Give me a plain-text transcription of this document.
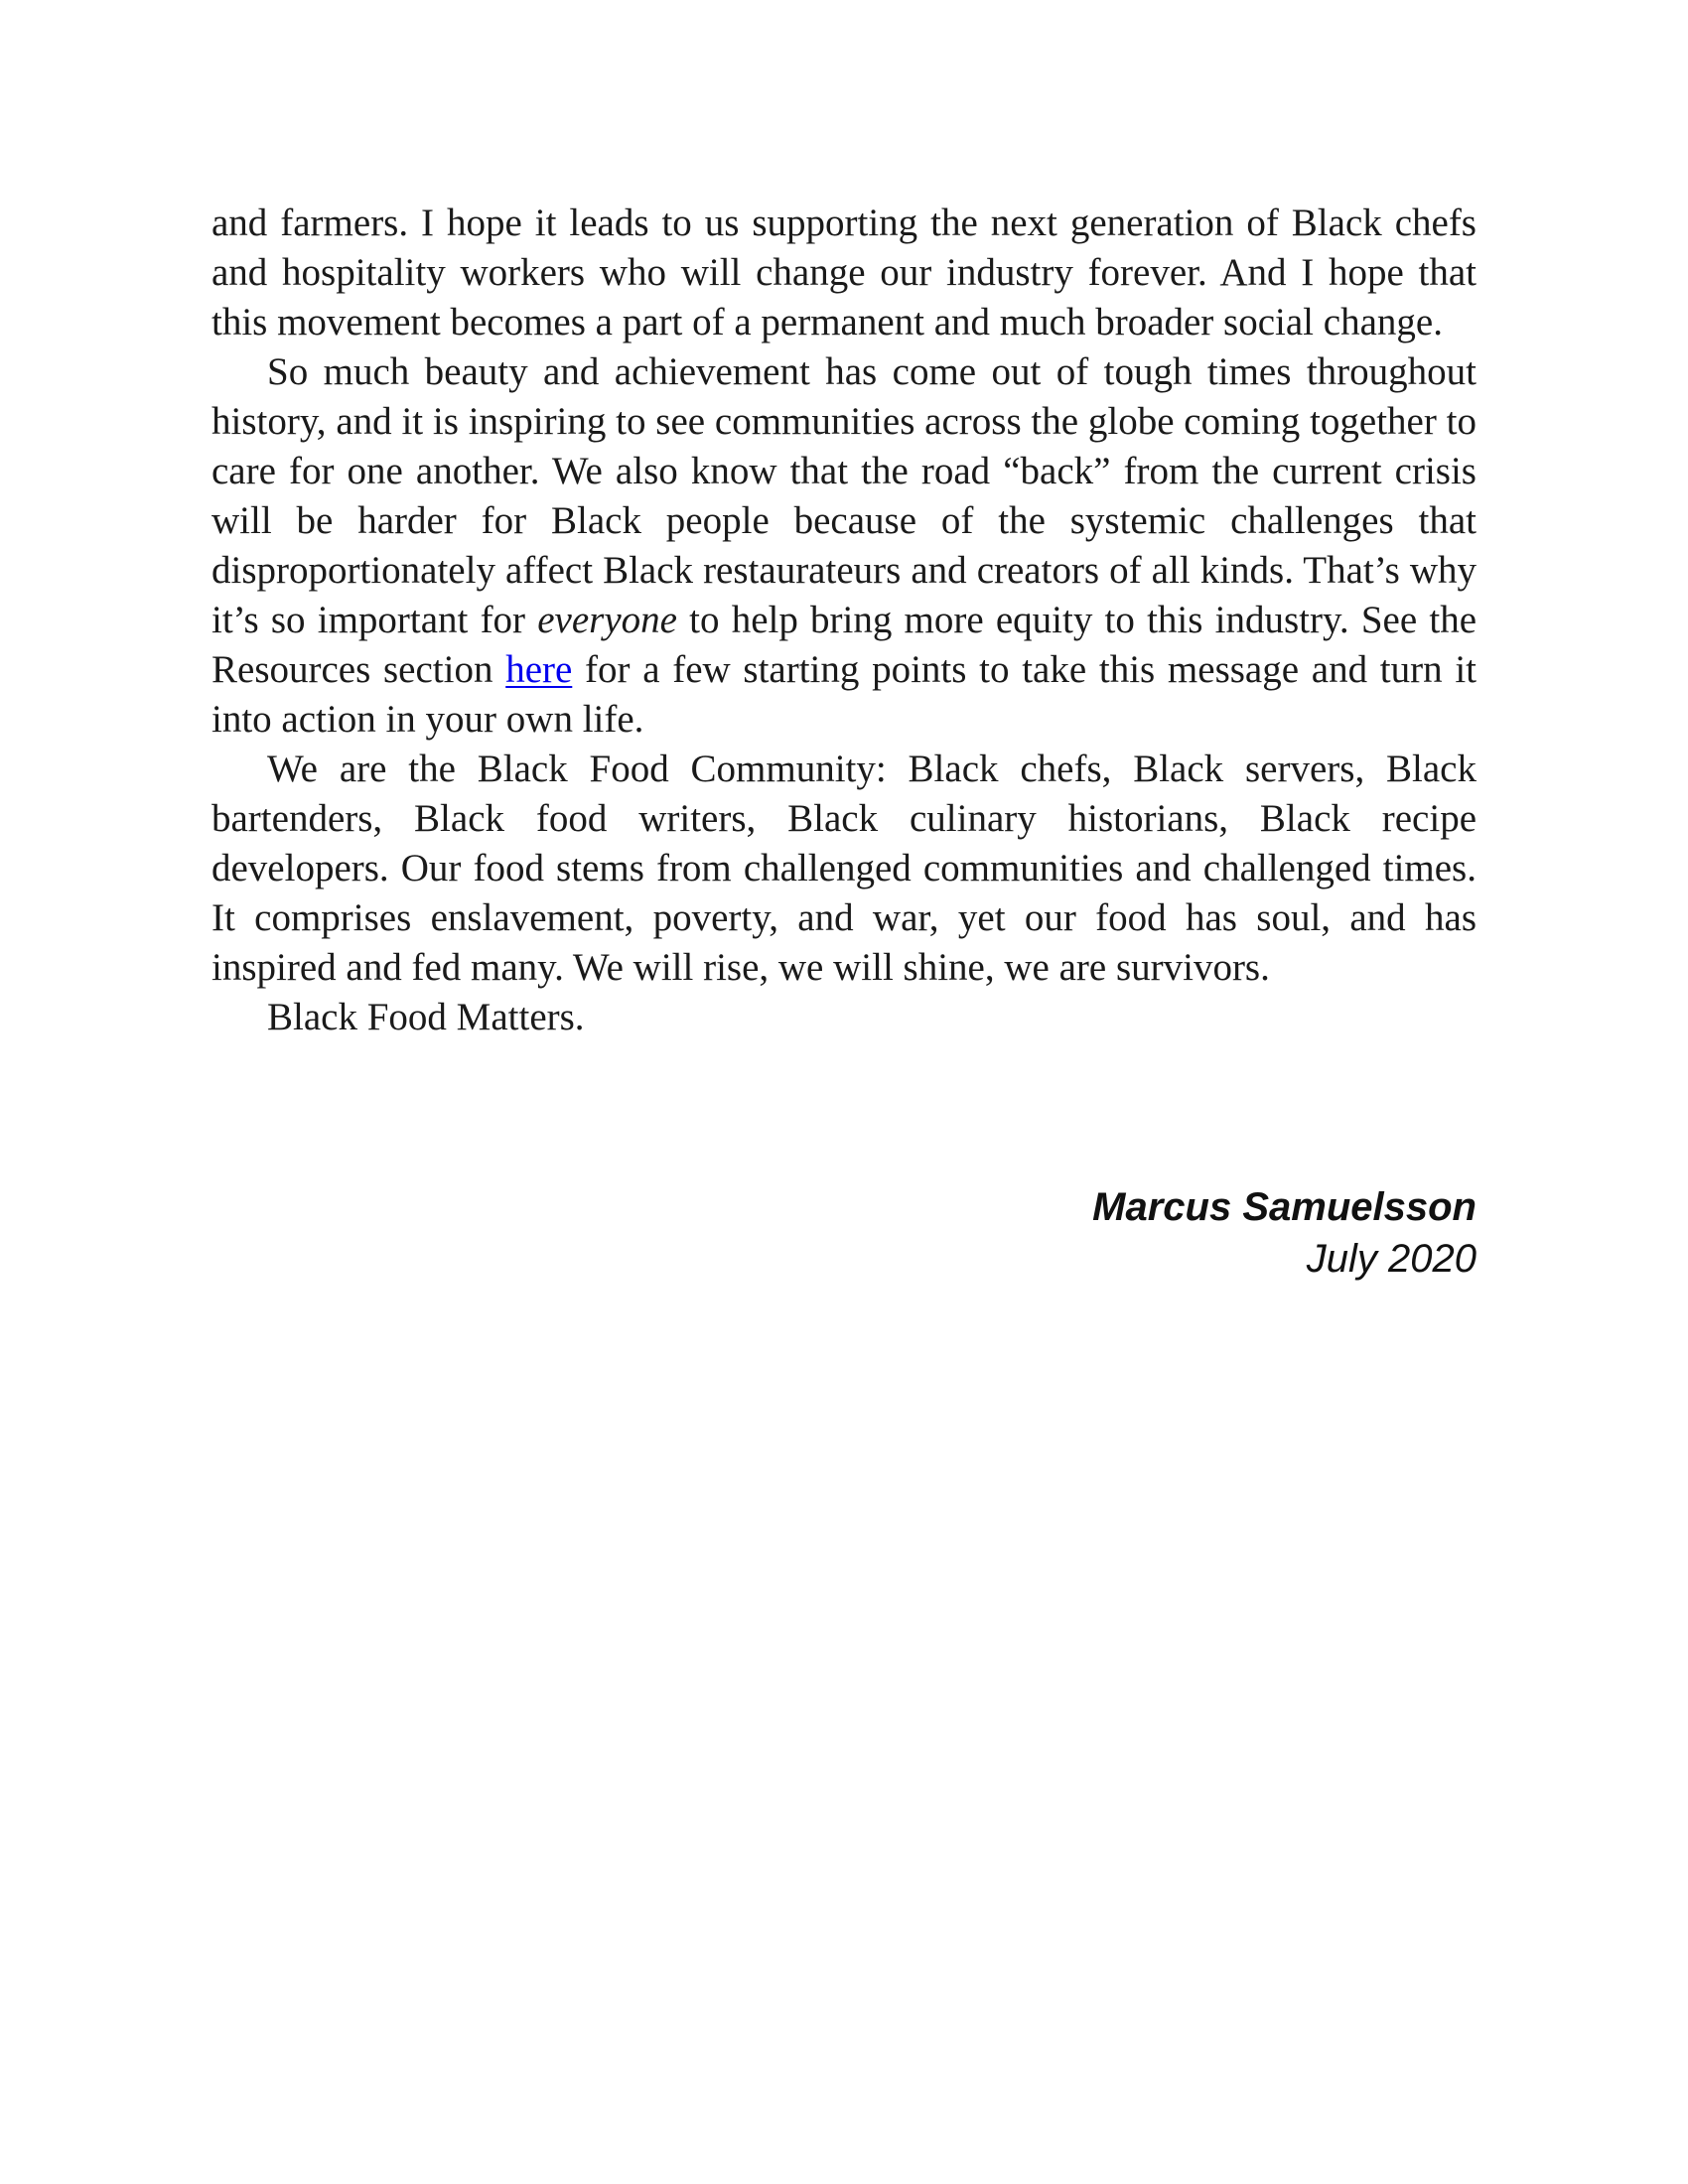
and farmers. I hope it leads to us supporting the next generation of Black chefs and hospitality workers who will change our industry forever. And I hope that this movement becomes a part of a permanent and much broader social change.

So much beauty and achievement has come out of tough times throughout history, and it is inspiring to see communities across the globe coming together to care for one another. We also know that the road “back” from the current crisis will be harder for Black people because of the systemic challenges that disproportionately affect Black restaurateurs and creators of all kinds. That’s why it’s so important for everyone to help bring more equity to this industry. See the Resources section here for a few starting points to take this message and turn it into action in your own life.

We are the Black Food Community: Black chefs, Black servers, Black bartenders, Black food writers, Black culinary historians, Black recipe developers. Our food stems from challenged communities and challenged times. It comprises enslavement, poverty, and war, yet our food has soul, and has inspired and fed many. We will rise, we will shine, we are survivors.

Black Food Matters.

Marcus Samuelsson
July 2020
